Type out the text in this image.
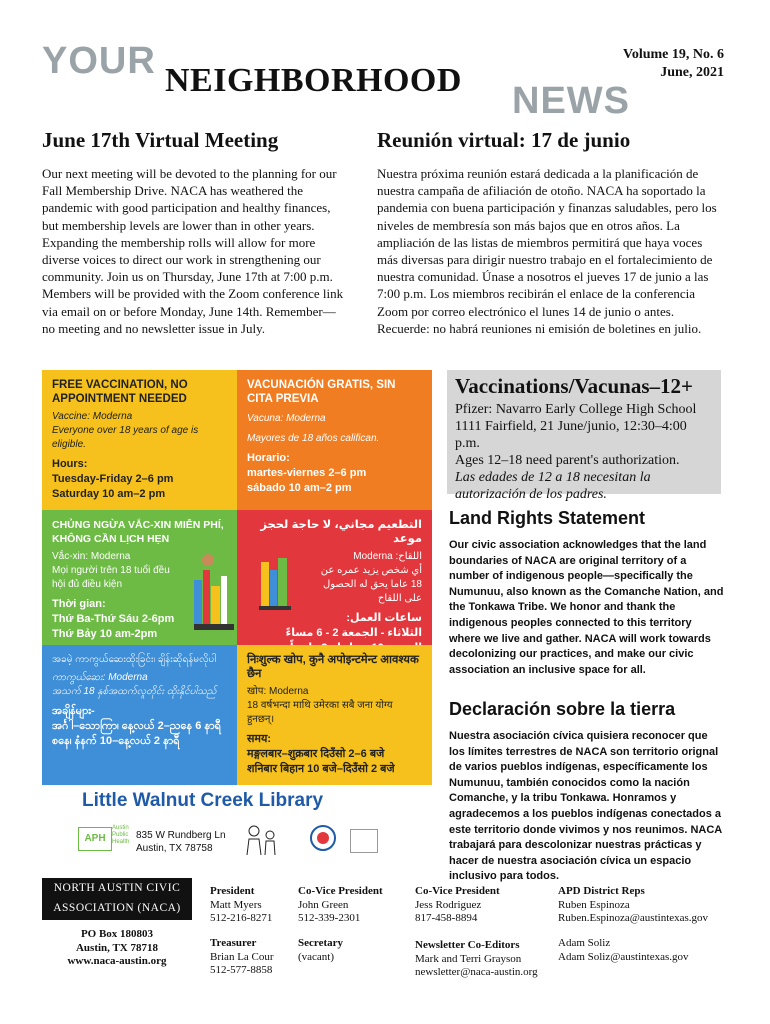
YOUR NEIGHBORHOOD NEWS
Volume 19, No. 6
June, 2021
June 17th Virtual Meeting
Our next meeting will be devoted to the planning for our Fall Membership Drive. NACA has weathered the pandemic with good participation and healthy finances, but membership levels are lower than in other years. Expanding the membership rolls will allow for more diverse voices to direct our work in strengthening our community. Join us on Thursday, June 17th at 7:00 p.m. Members will be provided with the Zoom conference link via email on or before Monday, June 14th. Remember—no meeting and no newsletter issue in July.
Reunión virtual: 17 de junio
Nuestra próxima reunión estará dedicada a la planificación de nuestra campaña de afiliación de otoño. NACA ha soportado la pandemia con buena participación y finanzas saludables, pero los niveles de membresía son más bajos que en otros años. La ampliación de las listas de miembros permitirá que haya voces más diversas para dirigir nuestro trabajo en el fortalecimiento de nuestra comunidad. Únase a nosotros el jueves 17 de junio a las 7:00 p.m. Los miembros recibirán el enlace de la conferencia Zoom por correo electrónico el lunes 14 de junio o antes. Recuerde: no habrá reuniones ni emisión de boletines en julio.
FREE VACCINATION, NO APPOINTMENT NEEDED
Vaccine: Moderna
Everyone over 18 years of age is eligible.
Hours:
Tuesday-Friday 2–6 pm
Saturday 10 am–2 pm
VACUNACIÓN GRATIS, SIN CITA PREVIA
Vacuna: Moderna
Mayores de 18 años califican.
Horario:
martes-viernes 2–6 pm
sábado 10 am–2 pm
CHỦNG NGỪA VẮC-XIN MIỄN PHÍ, KHÔNG CẦN LỊCH HẸN
Vắc-xin: Moderna
Mọi người trên 18 tuổi đều hội đủ điều kiện
Thời gian:
Thứ Ba-Thứ Sáu 2-6pm
Thứ Bảy 10 am-2pm
التطعيم مجاني، لا حاجة لحجز موعد
اللقاح: Moderna
أي شخص يزيد عمره عن 18 عاما يحق له الحصول على اللقاح
ساعات العمل:
الثلاثاء - الجمعة 2 - 6 مساءً
အခမဲ့ ကာကွယ်ဆေးထိုးခြင်း၊ ချိန်းဆိုရန်မလိုပါ
ကာကွယ်ဆေး: Moderna
အသက် 18 နှစ်အထက်လူတိုင်း ထိုးနိုင်ပါသည်
အချိန်များ-
အင်္ဂါ–သောကြာ၊ နေ့လယ် 2–ညနေ 6 နာရီ
စနေ၊ နံနက် 10–နေ့လယ် 2 နာရီ
निःशुल्क खोप, कुनै अपोइन्टमेन्ट आवश्यक छैन
खोप: Moderna
18 वर्षभन्दा माथि उमेरका सबै जना योग्य हुनछन्।
समय:
मङ्गलबार–शुक्रबार दिउँसो 2–6 बजे
शनिबार बिहान 10 बजे–दिउँसो 2 बजे
Little Walnut Creek Library
APH
Austin Public Health
835 W Rundberg Ln
Austin, TX 78758
Vaccinations/Vacunas–12+
Pfizer: Navarro Early College High School
1111 Fairfield, 21 June/junio, 12:30–4:00 p.m.
Ages 12–18 need parent's authorization.
Las edades de 12 a 18 necesitan la autorización de los padres.
Land Rights Statement
Our civic association acknowledges that the land boundaries of NACA are original territory of a number of indigenous people—specifically the Numunuu, also known as the Comanche Nation, and the Tonkawa Tribe. We honor and thank the indigenous peoples connected to this territory where we live and gather. NACA will work towards decolonizing our practices, and make our civic association an inclusive space for all.
Declaración sobre la tierra
Nuestra asociación cívica quisiera reconocer que los límites terrestres de NACA son territorio orignal de varios pueblos indígenas, específicamente los Numunuu, también conocidos como la nación Comanche, y la tribu Tonkawa. Honramos y agradecemos a los pueblos indígenas conectados a este territorio donde vivimos y nos reunimos. NACA trabajará para descolonizar nuestras prácticas y hacer de nuestra asociación cívica un espacio inclusivo para todos.
NORTH AUSTIN CIVIC
ASSOCIATION (NACA)
PO Box 180803
Austin, TX 78718
www.naca-austin.org
President
Matt Myers
512-216-8271
Co-Vice President
John Green
512-339-2301
Co-Vice President
Jess Rodriguez
817-458-8894
APD District Reps
Ruben Espinoza
Ruben.Espinoza@austintexas.gov
Treasurer
Brian La Cour
512-577-8858
Secretary
(vacant)
Newsletter Co-Editors
Mark and Terri Grayson
newsletter@naca-austin.org
Adam Soliz
Adam Soliz@austintexas.gov
